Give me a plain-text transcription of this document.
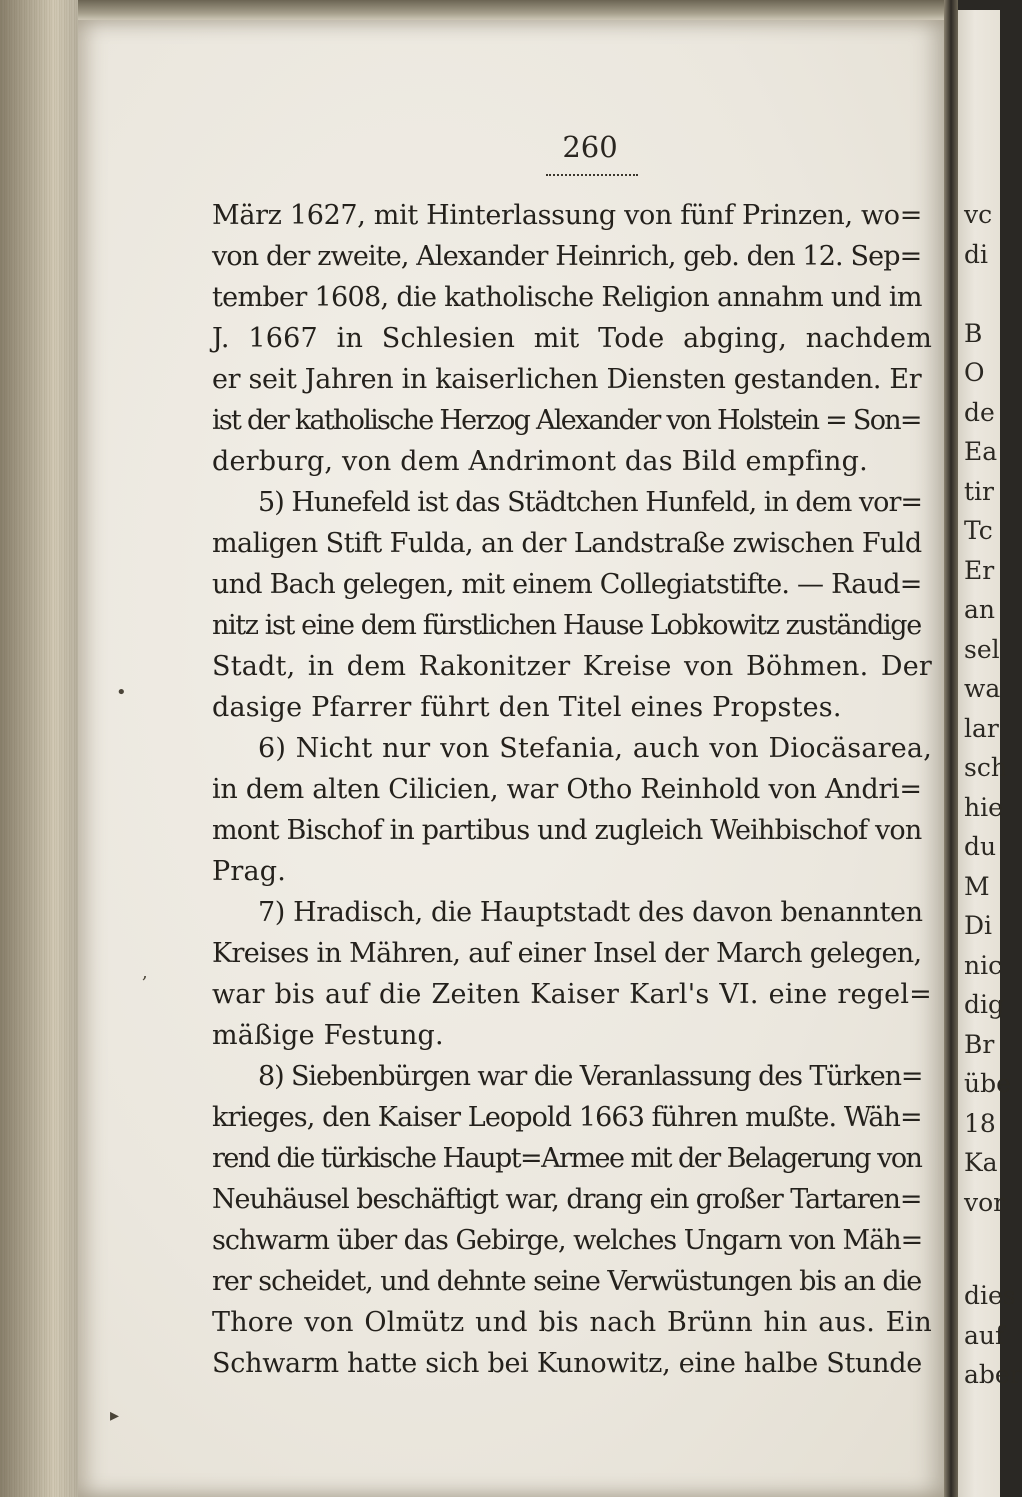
260
März 1627, mit Hinterlassung von fünf Prinzen, wo=
von der zweite, Alexander Heinrich, geb. den 12. Sep=
tember 1608, die katholische Religion annahm und im
J. 1667 in Schlesien mit Tode abging, nachdem
er seit Jahren in kaiserlichen Diensten gestanden. Er
ist der katholische Herzog Alexander von Holstein = Son=
derburg, von dem Andrimont das Bild empfing.
5) Hunefeld ist das Städtchen Hunfeld, in dem vor=
maligen Stift Fulda, an der Landstraße zwischen Fuld
und Bach gelegen, mit einem Collegiatstifte. — Raud=
nitz ist eine dem fürstlichen Hause Lobkowitz zuständige
Stadt, in dem Rakonitzer Kreise von Böhmen. Der
dasige Pfarrer führt den Titel eines Propstes.
6) Nicht nur von Stefania, auch von Diocäsarea,
in dem alten Cilicien, war Otho Reinhold von Andri=
mont Bischof in partibus und zugleich Weihbischof von
Prag.
7) Hradisch, die Hauptstadt des davon benannten
Kreises in Mähren, auf einer Insel der March gelegen,
war bis auf die Zeiten Kaiser Karl's VI. eine regel=
mäßige Festung.
8) Siebenbürgen war die Veranlassung des Türken=
krieges, den Kaiser Leopold 1663 führen mußte. Wäh=
rend die türkische Haupt=Armee mit der Belagerung von
Neuhäusel beschäftigt war, drang ein großer Tartaren=
schwarm über das Gebirge, welches Ungarn von Mäh=
rer scheidet, und dehnte seine Verwüstungen bis an die
Thore von Olmütz und bis nach Brünn hin aus. Ein
Schwarm hatte sich bei Kunowitz, eine halbe Stunde
,
•
▸
vc
di
B
O
de
Ea
tir
Tc
Er
an
sel
wa
lar
sch
hie
du
M
Di
nic
dig
Br
übe
18
Ka
vor
dies
auf
aber
